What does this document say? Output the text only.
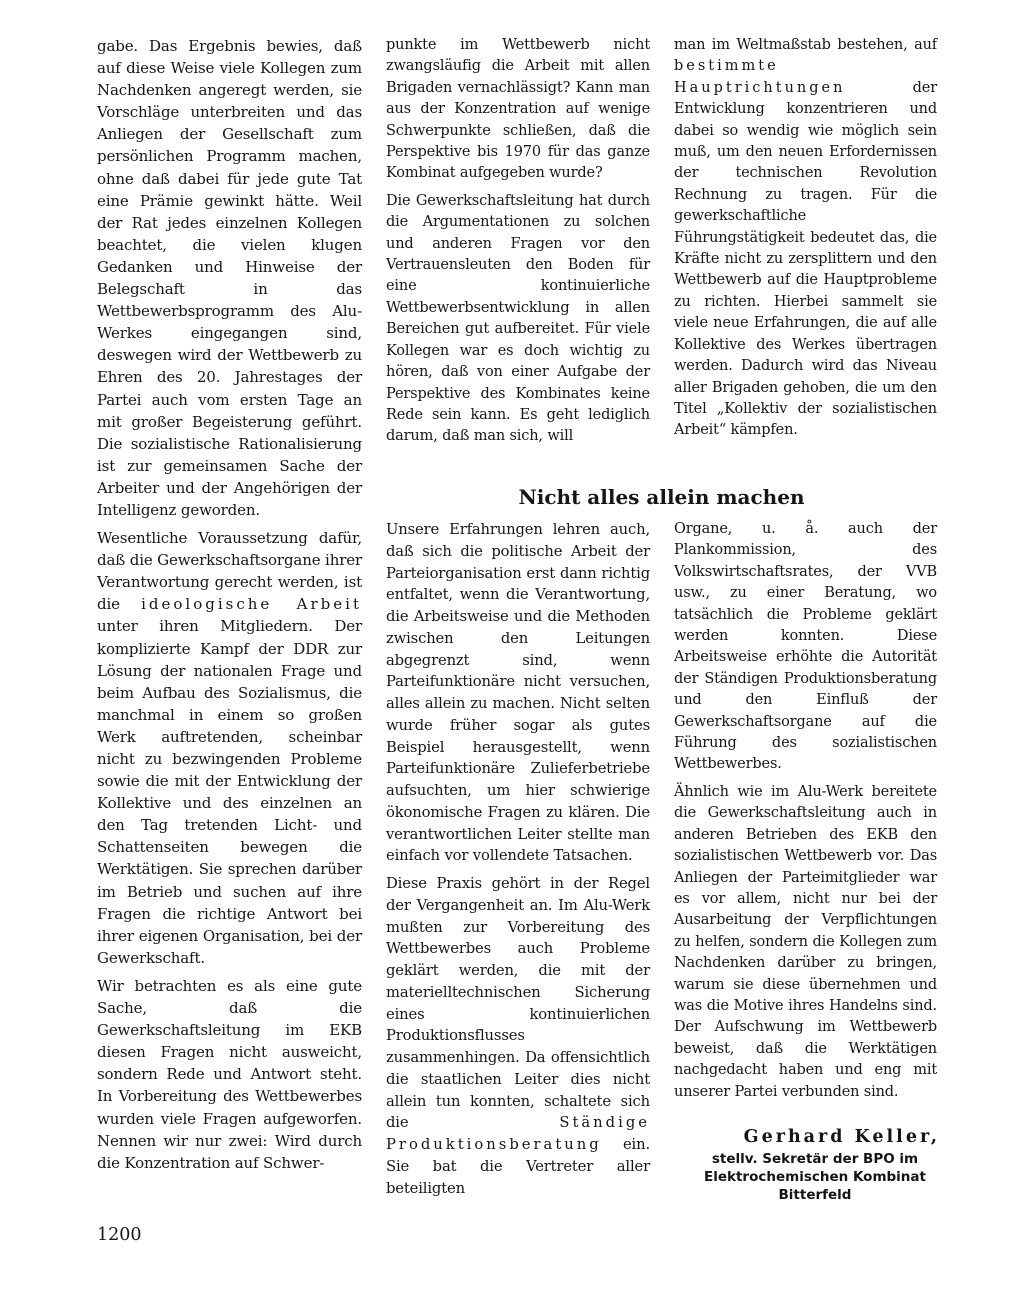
gabe. Das Ergebnis bewies, daß auf diese Weise viele Kollegen zum Nachdenken angeregt werden, sie Vorschläge unterbreiten und das Anliegen der Gesellschaft zum persönlichen Programm machen, ohne daß dabei für jede gute Tat eine Prämie gewinkt hätte. Weil der Rat jedes einzelnen Kollegen beachtet, die vielen klugen Gedanken und Hinweise der Belegschaft in das Wettbewerbsprogramm des Alu-Werkes eingegangen sind, deswegen wird der Wettbewerb zu Ehren des 20. Jahrestages der Partei auch vom ersten Tage an mit großer Begeisterung geführt. Die sozialistische Rationalisierung ist zur gemeinsamen Sache der Arbeiter und der Angehörigen der Intelligenz geworden.

Wesentliche Voraussetzung dafür, daß die Gewerkschaftsorgane ihrer Verantwortung gerecht werden, ist die ideologische Arbeit unter ihren Mitgliedern. Der komplizierte Kampf der DDR zur Lösung der nationalen Frage und beim Aufbau des Sozialismus, die manchmal in einem so großen Werk auftretenden, scheinbar nicht zu bezwingenden Probleme sowie die mit der Entwicklung der Kollektive und des einzelnen an den Tag tretenden Licht- und Schattenseiten bewegen die Werktätigen. Sie sprechen darüber im Betrieb und suchen auf ihre Fragen die richtige Antwort bei ihrer eigenen Organisation, bei der Gewerkschaft.

Wir betrachten es als eine gute Sache, daß die Gewerkschaftsleitung im EKB diesen Fragen nicht ausweicht, sondern Rede und Antwort steht. In Vorbereitung des Wettbewerbes wurden viele Fragen aufgeworfen. Nennen wir nur zwei: Wird durch die Konzentration auf Schwer-

punkte im Wettbewerb nicht zwangsläufig die Arbeit mit allen Brigaden vernachlässigt? Kann man aus der Konzentration auf wenige Schwerpunkte schließen, daß die Perspektive bis 1970 für das ganze Kombinat aufgegeben wurde?

Die Gewerkschaftsleitung hat durch die Argumentationen zu solchen und anderen Fragen vor den Vertrauensleuten den Boden für eine kontinuierliche Wettbewerbsentwicklung in allen Bereichen gut aufbereitet. Für viele Kollegen war es doch wichtig zu hören, daß von einer Aufgabe der Perspektive des Kombinates keine Rede sein kann. Es geht lediglich darum, daß man sich, will

man im Weltmaßstab bestehen, auf bestimmte Hauptrichtungen der Entwicklung konzentrieren und dabei so wendig wie möglich sein muß, um den neuen Erfordernissen der technischen Revolution Rechnung zu tragen. Für die gewerkschaftliche Führungstätigkeit bedeutet das, die Kräfte nicht zu zersplittern und den Wettbewerb auf die Hauptprobleme zu richten. Hierbei sammelt sie viele neue Erfahrungen, die auf alle Kollektive des Werkes übertragen werden. Dadurch wird das Niveau aller Brigaden gehoben, die um den Titel „Kollektiv der sozialistischen Arbeit“ kämpfen.

Nicht alles allein machen

Unsere Erfahrungen lehren auch, daß sich die politische Arbeit der Parteiorganisation erst dann richtig entfaltet, wenn die Verantwortung, die Arbeitsweise und die Methoden zwischen den Leitungen abgegrenzt sind, wenn Parteifunktionäre nicht versuchen, alles allein zu machen. Nicht selten wurde früher sogar als gutes Beispiel herausgestellt, wenn Parteifunktionäre Zulieferbetriebe aufsuchten, um hier schwierige ökonomische Fragen zu klären. Die verantwortlichen Leiter stellte man einfach vor vollendete Tatsachen.

Diese Praxis gehört in der Regel der Vergangenheit an. Im Alu-Werk mußten zur Vorbereitung des Wettbewerbes auch Probleme geklärt werden, die mit der materielltechnischen Sicherung eines kontinuierlichen Produktionsflusses zusammenhingen. Da offensichtlich die staatlichen Leiter dies nicht allein tun konnten, schaltete sich die Ständige Produktionsberatung ein. Sie bat die Vertreter aller beteiligten

Organe, u. å. auch der Plankommission, des Volkswirtschaftsrates, der VVB usw., zu einer Beratung, wo tatsächlich die Probleme geklärt werden konnten. Diese Arbeitsweise erhöhte die Autorität der Ständigen Produktionsberatung und den Einfluß der Gewerkschaftsorgane auf die Führung des sozialistischen Wettbewerbes.

Ähnlich wie im Alu-Werk bereitete die Gewerkschaftsleitung auch in anderen Betrieben des EKB den sozialistischen Wettbewerb vor. Das Anliegen der Parteimitglieder war es vor allem, nicht nur bei der Ausarbeitung der Verpflichtungen zu helfen, sondern die Kollegen zum Nachdenken darüber zu bringen, warum sie diese übernehmen und was die Motive ihres Handelns sind. Der Aufschwung im Wettbewerb beweist, daß die Werktätigen nachgedacht haben und eng mit unserer Partei verbunden sind.

Gerhard Keller,

stellv. Sekretär der BPO im
Elektrochemischen Kombinat
Bitterfeld

1200
